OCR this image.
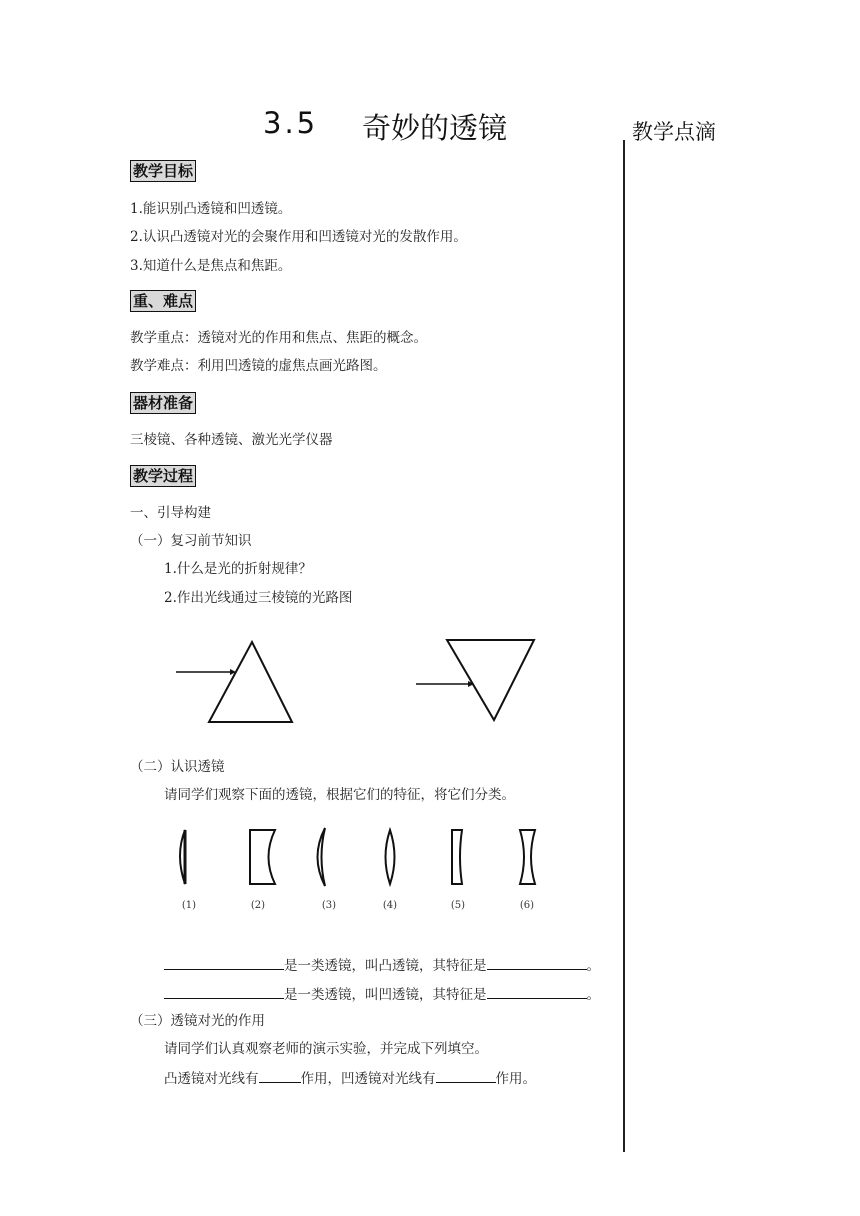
3.5 奇妙的透镜	教学点滴
教学目标
1.能识别凸透镜和凹透镜。
2.认识凸透镜对光的会聚作用和凹透镜对光的发散作用。
3.知道什么是焦点和焦距。
重、难点
教学重点：透镜对光的作用和焦点、焦距的概念。
教学难点：利用凹透镜的虚焦点画光路图。
器材准备
三棱镜、各种透镜、激光光学仪器
教学过程
一、引导构建
（一）复习前节知识
1.什么是光的折射规律？
2.作出光线通过三棱镜的光路图
（二）认识透镜
请同学们观察下面的透镜，根据它们的特征，将它们分类。
(1)	(2)	(3)	(4)	(5)	(6)
是一类透镜，叫凸透镜，其特征是	。
是一类透镜，叫凹透镜，其特征是	。
（三）透镜对光的作用
请同学们认真观察老师的演示实验，并完成下列填空。
凸透镜对光线有	作用，凹透镜对光线有	作用。
